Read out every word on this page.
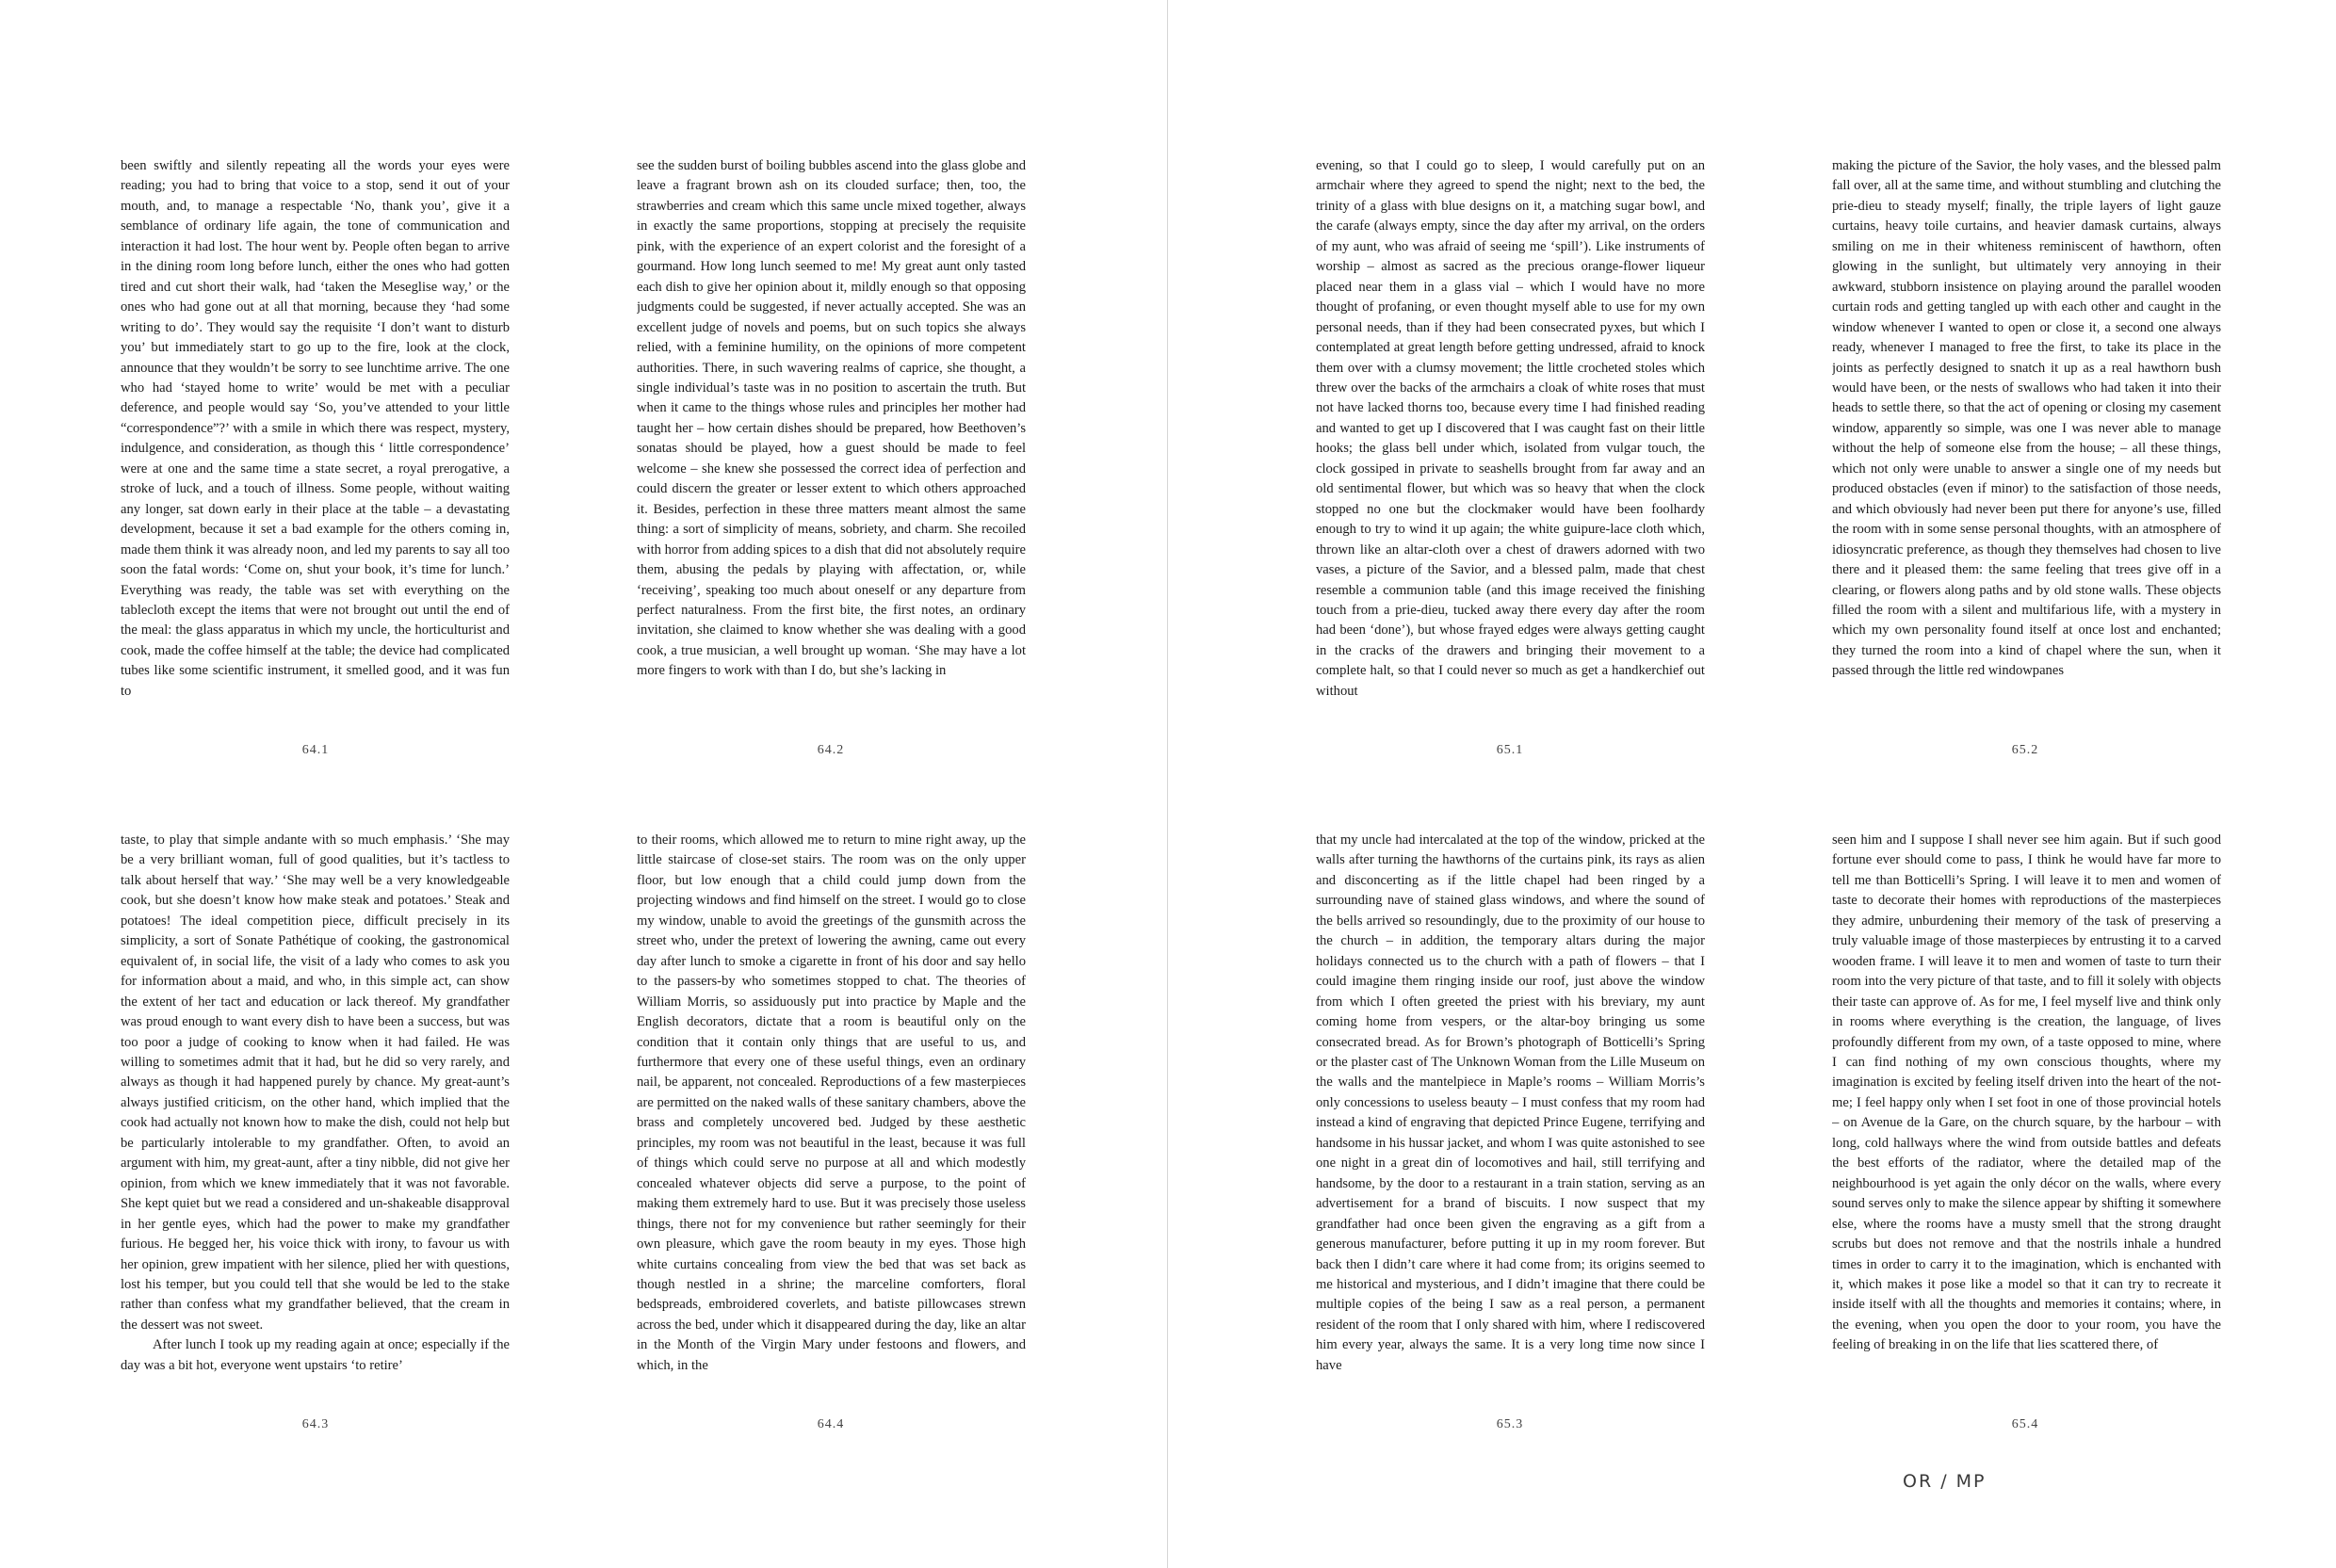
been swiftly and silently repeating all the words your eyes were reading; you had to bring that voice to a stop, send it out of your mouth, and, to manage a respectable ‘No, thank you’, give it a semblance of ordinary life again, the tone of communication and interaction it had lost. The hour went by. People often began to arrive in the dining room long before lunch, either the ones who had gotten tired and cut short their walk, had ‘taken the Meseglise way,’ or the ones who had gone out at all that morning, because they ‘had some writing to do’. They would say the requisite ‘I don’t want to disturb you’ but immediately start to go up to the fire, look at the clock, announce that they wouldn’t be sorry to see lunchtime arrive. The one who had ‘stayed home to write’ would be met with a peculiar deference, and people would say ‘So, you’ve attended to your little “correspondence”?’ with a smile in which there was respect, mystery, indulgence, and consideration, as though this ‘ little correspondence’ were at one and the same time a state secret, a royal prerogative, a stroke of luck, and a touch of illness. Some people, without waiting any longer, sat down early in their place at the table – a devastating development, because it set a bad example for the others coming in, made them think it was already noon, and led my parents to say all too soon the fatal words: ‘Come on, shut your book, it’s time for lunch.’ Everything was ready, the table was set with everything on the tablecloth except the items that were not brought out until the end of the meal: the glass apparatus in which my uncle, the horticulturist and cook, made the coffee himself at the table; the device had complicated tubes like some scientific instrument, it smelled good, and it was fun to

64.1

see the sudden burst of boiling bubbles ascend into the glass globe and leave a fragrant brown ash on its clouded surface; then, too, the strawberries and cream which this same uncle mixed together, always in exactly the same proportions, stopping at precisely the requisite pink, with the experience of an expert colorist and the foresight of a gourmand. How long lunch seemed to me! My great aunt only tasted each dish to give her opinion about it, mildly enough so that opposing judgments could be suggested, if never actually accepted. She was an excellent judge of novels and poems, but on such topics she always relied, with a feminine humility, on the opinions of more competent authorities. There, in such wavering realms of caprice, she thought, a single individual’s taste was in no position to ascertain the truth. But when it came to the things whose rules and principles her mother had taught her – how certain dishes should be prepared, how Beethoven’s sonatas should be played, how a guest should be made to feel welcome – she knew she possessed the correct idea of perfection and could discern the greater or lesser extent to which others approached it. Besides, perfection in these three matters meant almost the same thing: a sort of simplicity of means, sobriety, and charm. She recoiled with horror from adding spices to a dish that did not absolutely require them, abusing the pedals by playing with affectation, or, while ‘receiving’, speaking too much about oneself or any departure from perfect naturalness. From the first bite, the first notes, an ordinary invitation, she claimed to know whether she was dealing with a good cook, a true musician, a well brought up woman. ‘She may have a lot more fingers to work with than I do, but she’s lacking in

64.2

taste, to play that simple andante with so much emphasis.’ ‘She may be a very brilliant woman, full of good qualities, but it’s tactless to talk about herself that way.’ ‘She may well be a very knowledgeable cook, but she doesn’t know how make steak and potatoes.’ Steak and potatoes! The ideal competition piece, difficult precisely in its simplicity, a sort of Sonate Pathétique of cooking, the gastronomical equivalent of, in social life, the visit of a lady who comes to ask you for information about a maid, and who, in this simple act, can show the extent of her tact and education or lack thereof. My grandfather was proud enough to want every dish to have been a success, but was too poor a judge of cooking to know when it had failed. He was willing to sometimes admit that it had, but he did so very rarely, and always as though it had happened purely by chance. My great-aunt’s always justified criticism, on the other hand, which implied that the cook had actually not known how to make the dish, could not help but be particularly intolerable to my grandfather. Often, to avoid an argument with him, my great-aunt, after a tiny nibble, did not give her opinion, from which we knew immediately that it was not favorable. She kept quiet but we read a considered and un-shakeable disapproval in her gentle eyes, which had the power to make my grandfather furious. He begged her, his voice thick with irony, to favour us with her opinion, grew impatient with her silence, plied her with questions, lost his temper, but you could tell that she would be led to the stake rather than confess what my grandfather believed, that the cream in the dessert was not sweet.

After lunch I took up my reading again at once; especially if the day was a bit hot, everyone went upstairs ‘to retire’

64.3

to their rooms, which allowed me to return to mine right away, up the little staircase of close-set stairs. The room was on the only upper floor, but low enough that a child could jump down from the projecting windows and find himself on the street. I would go to close my window, unable to avoid the greetings of the gunsmith across the street who, under the pretext of lowering the awning, came out every day after lunch to smoke a cigarette in front of his door and say hello to the passers-by who sometimes stopped to chat. The theories of William Morris, so assiduously put into practice by Maple and the English decorators, dictate that a room is beautiful only on the condition that it contain only things that are useful to us, and furthermore that every one of these useful things, even an ordinary nail, be apparent, not concealed. Reproductions of a few masterpieces are permitted on the naked walls of these sanitary chambers, above the brass and completely uncovered bed. Judged by these aesthetic principles, my room was not beautiful in the least, because it was full of things which could serve no purpose at all and which modestly concealed whatever objects did serve a purpose, to the point of making them extremely hard to use. But it was precisely those useless things, there not for my convenience but rather seemingly for their own pleasure, which gave the room beauty in my eyes. Those high white curtains concealing from view the bed that was set back as though nestled in a shrine; the marceline comforters, floral bedspreads, embroidered coverlets, and batiste pillowcases strewn across the bed, under which it disappeared during the day, like an altar in the Month of the Virgin Mary under festoons and flowers, and which, in the

64.4

evening, so that I could go to sleep, I would carefully put on an armchair where they agreed to spend the night; next to the bed, the trinity of a glass with blue designs on it, a matching sugar bowl, and the carafe (always empty, since the day after my arrival, on the orders of my aunt, who was afraid of seeing me ‘spill’). Like instruments of worship – almost as sacred as the precious orange-flower liqueur placed near them in a glass vial – which I would have no more thought of profaning, or even thought myself able to use for my own personal needs, than if they had been consecrated pyxes, but which I contemplated at great length before getting undressed, afraid to knock them over with a clumsy movement; the little crocheted stoles which threw over the backs of the armchairs a cloak of white roses that must not have lacked thorns too, because every time I had finished reading and wanted to get up I discovered that I was caught fast on their little hooks; the glass bell under which, isolated from vulgar touch, the clock gossiped in private to seashells brought from far away and an old sentimental flower, but which was so heavy that when the clock stopped no one but the clockmaker would have been foolhardy enough to try to wind it up again; the white guipure-lace cloth which, thrown like an altar-cloth over a chest of drawers adorned with two vases, a picture of the Savior, and a blessed palm, made that chest resemble a communion table (and this image received the finishing touch from a prie-dieu, tucked away there every day after the room had been ‘done’), but whose frayed edges were always getting caught in the cracks of the drawers and bringing their movement to a complete halt, so that I could never so much as get a handkerchief out without

65.1

making the picture of the Savior, the holy vases, and the blessed palm fall over, all at the same time, and without stumbling and clutching the prie-dieu to steady myself; finally, the triple layers of light gauze curtains, heavy toile curtains, and heavier damask curtains, always smiling on me in their whiteness reminiscent of hawthorn, often glowing in the sunlight, but ultimately very annoying in their awkward, stubborn insistence on playing around the parallel wooden curtain rods and getting tangled up with each other and caught in the window whenever I wanted to open or close it, a second one always ready, whenever I managed to free the first, to take its place in the joints as perfectly designed to snatch it up as a real hawthorn bush would have been, or the nests of swallows who had taken it into their heads to settle there, so that the act of opening or closing my casement window, apparently so simple, was one I was never able to manage without the help of someone else from the house; – all these things, which not only were unable to answer a single one of my needs but produced obstacles (even if minor) to the satisfaction of those needs, and which obviously had never been put there for anyone’s use, filled the room with in some sense personal thoughts, with an atmosphere of idiosyncratic preference, as though they themselves had chosen to live there and it pleased them: the same feeling that trees give off in a clearing, or flowers along paths and by old stone walls. These objects filled the room with a silent and multifarious life, with a mystery in which my own personality found itself at once lost and enchanted; they turned the room into a kind of chapel where the sun, when it passed through the little red windowpanes

65.2

that my uncle had intercalated at the top of the window, pricked at the walls after turning the hawthorns of the curtains pink, its rays as alien and disconcerting as if the little chapel had been ringed by a surrounding nave of stained glass windows, and where the sound of the bells arrived so resoundingly, due to the proximity of our house to the church – in addition, the temporary altars during the major holidays connected us to the church with a path of flowers – that I could imagine them ringing inside our roof, just above the window from which I often greeted the priest with his breviary, my aunt coming home from vespers, or the altar-boy bringing us some consecrated bread. As for Brown’s photograph of Botticelli’s Spring or the plaster cast of The Unknown Woman from the Lille Museum on the walls and the mantelpiece in Maple’s rooms – William Morris’s only concessions to useless beauty – I must confess that my room had instead a kind of engraving that depicted Prince Eugene, terrifying and handsome in his hussar jacket, and whom I was quite astonished to see one night in a great din of locomotives and hail, still terrifying and handsome, by the door to a restaurant in a train station, serving as an advertisement for a brand of biscuits. I now suspect that my grandfather had once been given the engraving as a gift from a generous manufacturer, before putting it up in my room forever. But back then I didn’t care where it had come from; its origins seemed to me historical and mysterious, and I didn’t imagine that there could be multiple copies of the being I saw as a real person, a permanent resident of the room that I only shared with him, where I rediscovered him every year, always the same. It is a very long time now since I have

65.3

seen him and I suppose I shall never see him again. But if such good fortune ever should come to pass, I think he would have far more to tell me than Botticelli’s Spring. I will leave it to men and women of taste to decorate their homes with reproductions of the masterpieces they admire, unburdening their memory of the task of preserving a truly valuable image of those masterpieces by entrusting it to a carved wooden frame. I will leave it to men and women of taste to turn their room into the very picture of that taste, and to fill it solely with objects their taste can approve of. As for me, I feel myself live and think only in rooms where everything is the creation, the language, of lives profoundly different from my own, of a taste opposed to mine, where I can find nothing of my own conscious thoughts, where my imagination is excited by feeling itself driven into the heart of the not-me; I feel happy only when I set foot in one of those provincial hotels – on Avenue de la Gare, on the church square, by the harbour – with long, cold hallways where the wind from outside battles and defeats the best efforts of the radiator, where the detailed map of the neighbourhood is yet again the only décor on the walls, where every sound serves only to make the silence appear by shifting it somewhere else, where the rooms have a musty smell that the strong draught scrubs but does not remove and that the nostrils inhale a hundred times in order to carry it to the imagination, which is enchanted with it, which makes it pose like a model so that it can try to recreate it inside itself with all the thoughts and memories it contains; where, in the evening, when you open the door to your room, you have the feeling of breaking in on the life that lies scattered there, of

65.4
OR / MP
